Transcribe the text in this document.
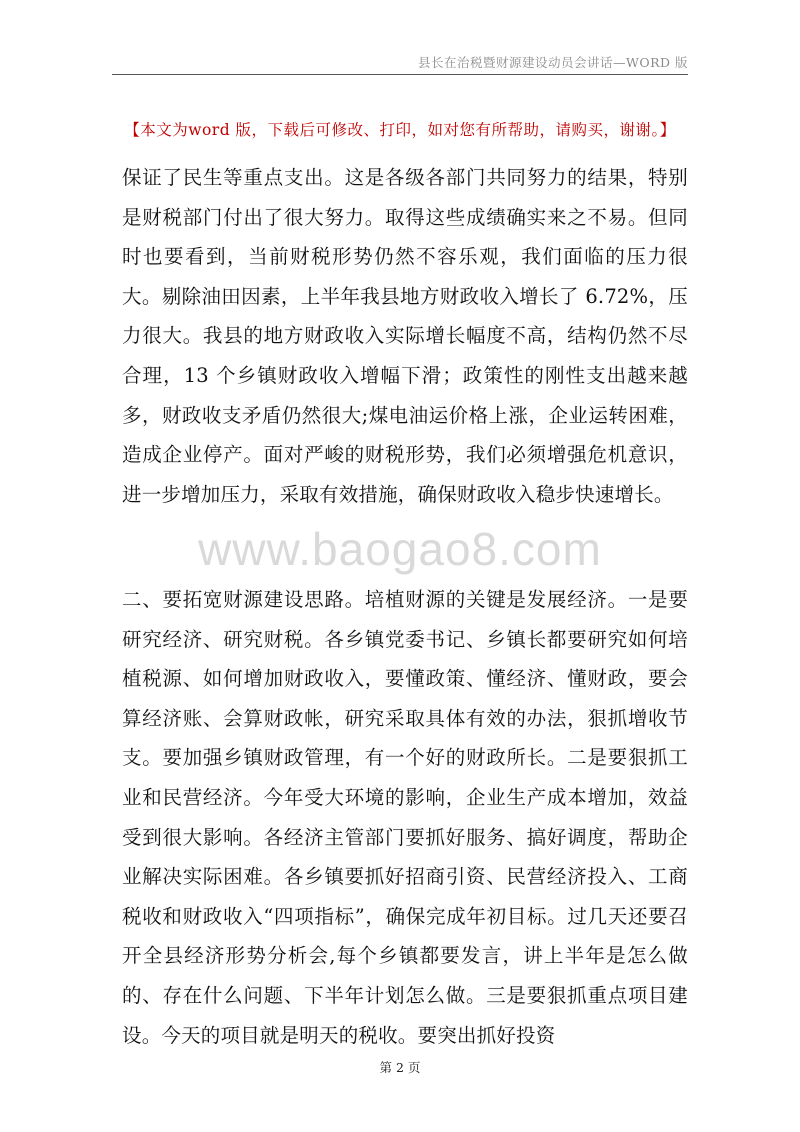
县长在治税暨财源建设动员会讲话—WORD 版
【本文为word 版，下载后可修改、打印，如对您有所帮助，请购买，谢谢。】

保证了民生等重点支出。这是各级各部门共同努力的结果，特别是财税部门付出了很大努力。取得这些成绩确实来之不易。但同时也要看到，当前财税形势仍然不容乐观，我们面临的压力很大。剔除油田因素，上半年我县地方财政收入增长了 6.72%，压力很大。我县的地方财政收入实际增长幅度不高，结构仍然不尽合理，13 个乡镇财政收入增幅下滑；政策性的刚性支出越来越多，财政收支矛盾仍然很大;煤电油运价格上涨，企业运转困难，造成企业停产。面对严峻的财税形势，我们必须增强危机意识，进一步增加压力，采取有效措施，确保财政收入稳步快速增长。

www.baogao8.com

二、要拓宽财源建设思路。培植财源的关键是发展经济。一是要研究经济、研究财税。各乡镇党委书记、乡镇长都要研究如何培植税源、如何增加财政收入，要懂政策、懂经济、懂财政，要会算经济账、会算财政帐，研究采取具体有效的办法，狠抓增收节支。要加强乡镇财政管理，有一个好的财政所长。二是要狠抓工业和民营经济。今年受大环境的影响，企业生产成本增加，效益受到很大影响。各经济主管部门要抓好服务、搞好调度，帮助企业解决实际困难。各乡镇要抓好招商引资、民营经济投入、工商税收和财政收入“四项指标”，确保完成年初目标。过几天还要召开全县经济形势分析会,每个乡镇都要发言，讲上半年是怎么做的、存在什么问题、下半年计划怎么做。三是要狠抓重点项目建设。今天的项目就是明天的税收。要突出抓好投资

第 2 页
